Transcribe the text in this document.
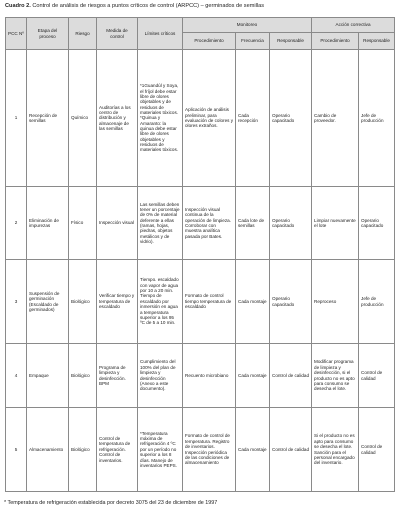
Cuadro 2. Control de análisis de riesgos a puntos críticos de control (ARPCC) – germinados de semillas
PCC Nº	Etapa del proceso	Riesgo	Medida de control	Límites críticos	Monitoreo			Acción correctiva	
					Procedimiento	Frecuencia	Responsable	Procedimiento	Responsable
1	Recepción de semillas	Químico	Auditorías a los centro de distribución y almacenaje de las semillas	*1Guandúl y Soya, el fríjol debe estar libre de olores objetables y de residuos de materiales tóxicos. *Quinua y Amaranto: la quinua debe estar libre de olores objetables y residuos de materiales tóxicos.	Aplicación de análisis preliminar, para evaluación de colores y olores extraños.	Cada recepción	Operario capacitado	Cambio de proveedor.	Jefe de producción
2	Eliminación de impurezas	Físico	Inspección visual	Las semillas deben tener un porcentaje de 0% de material deferente a ellas (ramas, hojas, piedras, objetos metálicos y de vidrio).	Inspección visual continua de la operación de limpieza. Corroborar con muestra analítica pasada por Bates.	Cada lote de semillas	Operario capacitado	Limpiar nuevamente el lote	Operario capacitado
3	Suspensión de germinación (Escaldado de germinados)	Biológico	Verificar tiempo y temperatura de escaldado	Tiempo. escaldado con vapor de agua por 10 a 20 min. Tiempo de escaldado por inmersión en agua a temperatura superior a los 95 ºC de 5 a 10 min.	Formato de control tiempo temperatura de escaldado	Cada montaje	Operario capacitado	Reproceso	Jefe de producción
4	Empaque	Biológico	Programa de limpieza y desinfección. BPM	Cumplimiento del 100% del plan de limpieza y desinfección (Anexo a este documento).	Recuento microbiano	Cada montaje	Control de calidad	Modificar programa de limpieza y desinfección, si el producto no es apto para consumo se desecha el lote.	Control de calidad
5	Almacenamiento	Biológico	Control de temperatura de refrigeración. Control de inventarios.	*Temperatura máxima de refrigeración 4 ºC por un período no superior a los 8 días. Manejo de inventarios PEPS.	Formato de control de temperatura. Registro de inventarios. Inspección periódica de las condiciones de almacenamiento	Cada montaje	Control de calidad	Si el producto no es apto para consumo se desecha el lote. Sanción para el personal encargado del inventario.	Control de calidad
* Temperatura de refrigeración establecida por decreto 3075 del 23 de diciembre de 1997
